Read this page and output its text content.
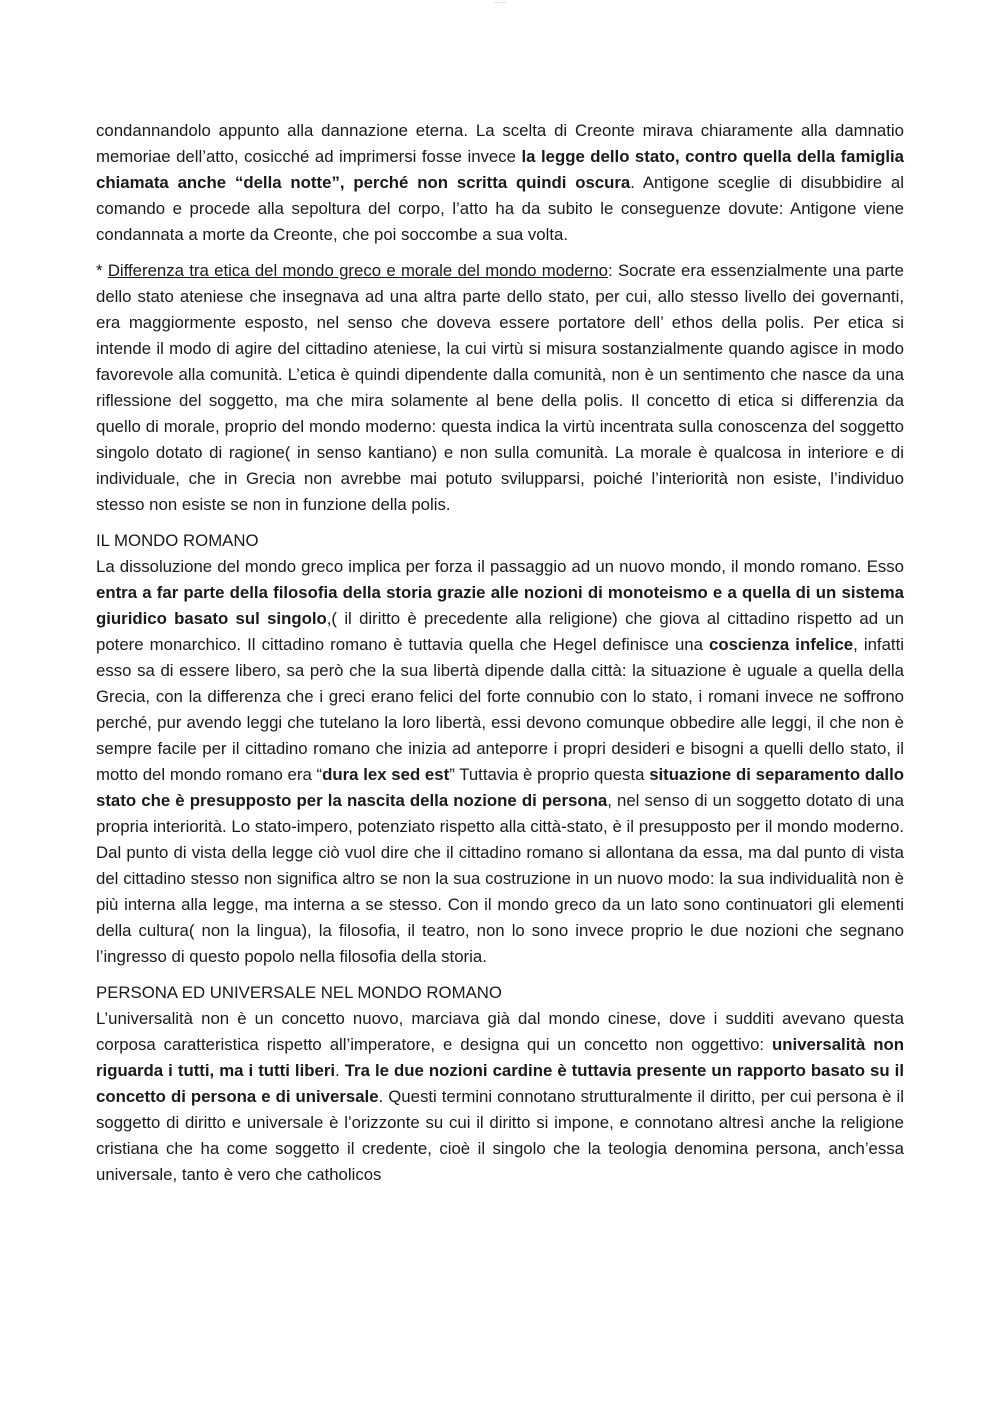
— —

condannandolo appunto alla dannazione eterna. La scelta di Creonte mirava chiaramente alla damnatio memoriae dell’atto, cosicché ad imprimersi fosse invece la legge dello stato, contro quella della famiglia chiamata anche “della notte”, perché non scritta quindi oscura. Antigone sceglie di disubbidire al comando e procede alla sepoltura del corpo, l’atto ha da subito le conseguenze dovute: Antigone viene condannata a morte da Creonte, che poi soccombe a sua volta.

* Differenza tra etica del mondo greco e morale del mondo moderno: Socrate era essenzialmente una parte dello stato ateniese che insegnava ad una altra parte dello stato, per cui, allo stesso livello dei governanti, era maggiormente esposto, nel senso che doveva essere portatore dell’ ethos della polis. Per etica si intende il modo di agire del cittadino ateniese, la cui virtù si misura sostanzialmente quando agisce in modo favorevole alla comunità. L’etica è quindi dipendente dalla comunità, non è un sentimento che nasce da una riflessione del soggetto, ma che mira solamente al bene della polis. Il concetto di etica si differenzia da quello di morale, proprio del mondo moderno: questa indica la virtù incentrata sulla conoscenza del soggetto singolo dotato di ragione( in senso kantiano) e non sulla comunità. La morale è qualcosa in interiore e di individuale, che in Grecia non avrebbe mai potuto svilupparsi, poiché l’interiorità non esiste, l’individuo stesso non esiste se non in funzione della polis.

IL MONDO ROMANO

La dissoluzione del mondo greco implica per forza il passaggio ad un nuovo mondo, il mondo romano. Esso entra a far parte della filosofia della storia grazie alle nozioni di monoteismo e a quella di un sistema giuridico basato sul singolo,( il diritto è precedente alla religione) che giova al cittadino rispetto ad un potere monarchico. Il cittadino romano è tuttavia quella che Hegel definisce una coscienza infelice, infatti esso sa di essere libero, sa però che la sua libertà dipende dalla città: la situazione è uguale a quella della Grecia, con la differenza che i greci erano felici del forte connubio con lo stato, i romani invece ne soffrono perché, pur avendo leggi che tutelano la loro libertà, essi devono comunque obbedire alle leggi, il che non è sempre facile per il cittadino romano che inizia ad anteporre i propri desideri e bisogni a quelli dello stato, il motto del mondo romano era “dura lex sed est” Tuttavia è proprio questa situazione di separamento dallo stato che è presupposto per la nascita della nozione di persona, nel senso di un soggetto dotato di una propria interiorità. Lo stato-impero, potenziato rispetto alla città-stato, è il presupposto per il mondo moderno. Dal punto di vista della legge ciò vuol dire che il cittadino romano si allontana da essa, ma dal punto di vista del cittadino stesso non significa altro se non la sua costruzione in un nuovo modo: la sua individualità non è più interna alla legge, ma interna a se stesso. Con il mondo greco da un lato sono continuatori gli elementi della cultura( non la lingua), la filosofia, il teatro, non lo sono invece proprio le due nozioni che segnano l’ingresso di questo popolo nella filosofia della storia.

PERSONA ED UNIVERSALE NEL MONDO ROMANO

L’universalità non è un concetto nuovo, marciava già dal mondo cinese, dove i sudditi avevano questa corposa caratteristica rispetto all’imperatore, e designa qui un concetto non oggettivo: universalità non riguarda i tutti, ma i tutti liberi. Tra le due nozioni cardine è tuttavia presente un rapporto basato su il concetto di persona e di universale. Questi termini connotano strutturalmente il diritto, per cui persona è il soggetto di diritto e universale è l’orizzonte su cui il diritto si impone, e connotano altresì anche la religione cristiana che ha come soggetto il credente, cioè il singolo che la teologia denomina persona, anch’essa universale, tanto è vero che catholicos
